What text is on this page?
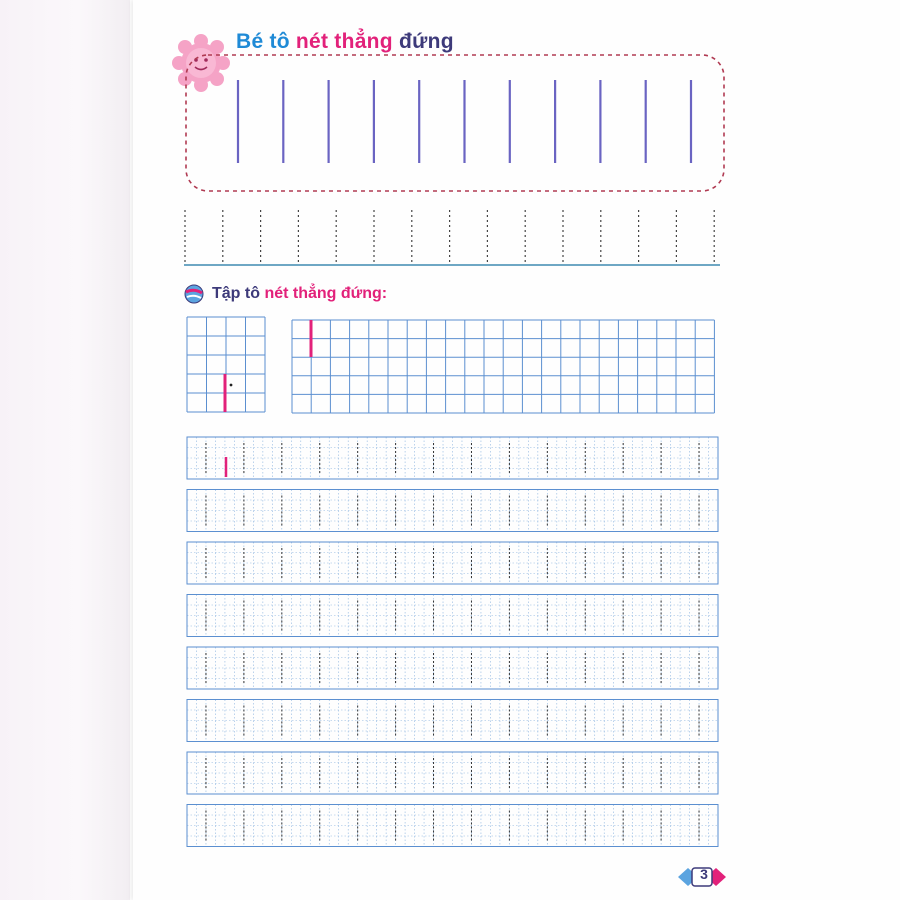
Bé tô nét thẳng đứng
Tập tô nét thẳng đứng:
3
